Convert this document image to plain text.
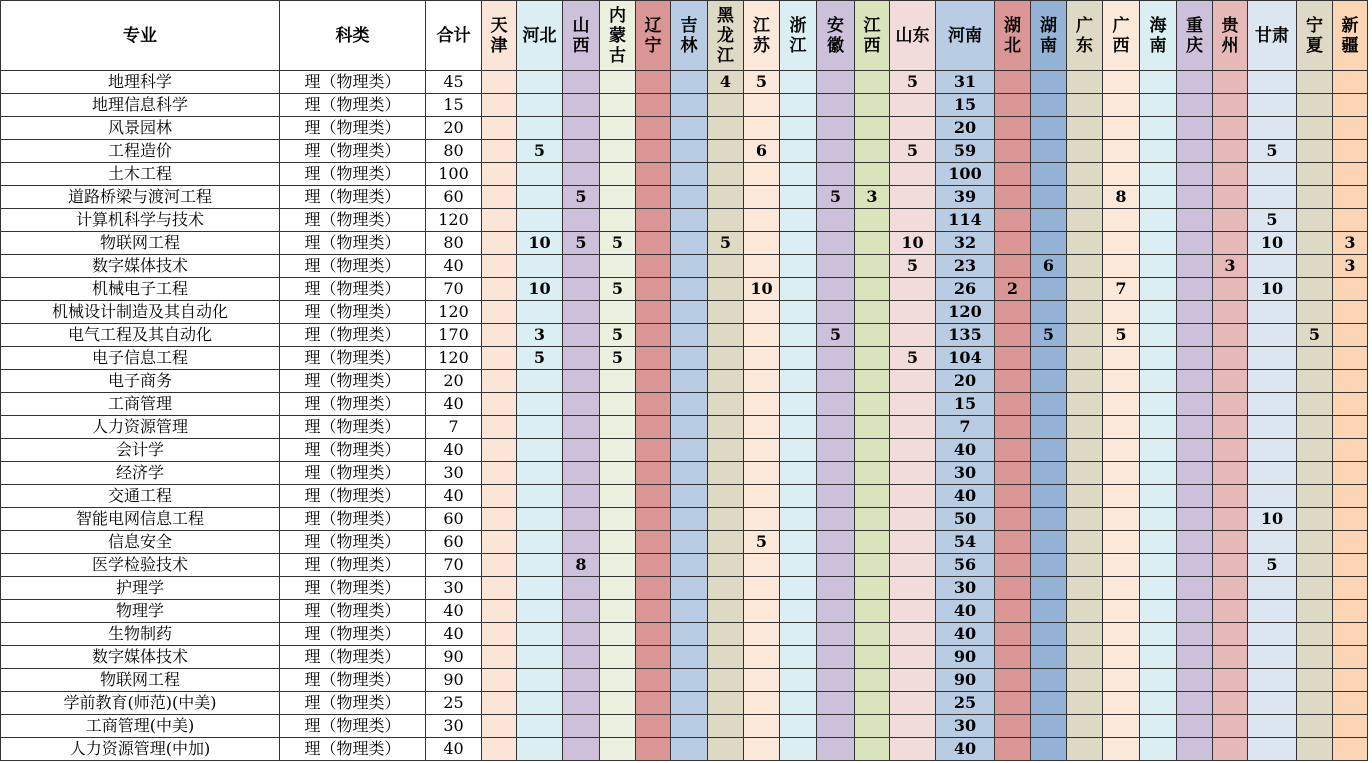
专业	科类	合计	天津	河北	山西	内蒙古	辽宁	吉林	黑龙江	江苏	浙江	安徽	江西	山东	河南	湖北	湖南	广东	广西	海南	重庆	贵州	甘肃	宁夏	新疆
地理科学	理（物理类）	45							4	5				5	31										
地理信息科学	理（物理类）	15													15										
风景园林	理（物理类）	20													20										
工程造价	理（物理类）	80		5						6				5	59								5		
土木工程	理（物理类）	100													100										
道路桥梁与渡河工程	理（物理类）	60			5							5	3		39				8						
计算机科学与技术	理（物理类）	120													114								5		
物联网工程	理（物理类）	80		10	5	5			5					10	32								10		3
数字媒体技术	理（物理类）	40												5	23		6					3			3
机械电子工程	理（物理类）	70		10		5				10					26	2			7				10		
机械设计制造及其自动化	理（物理类）	120													120										
电气工程及其自动化	理（物理类）	170		3		5						5			135		5		5					5	
电子信息工程	理（物理类）	120		5		5								5	104										
电子商务	理（物理类）	20													20										
工商管理	理（物理类）	40													15										
人力资源管理	理（物理类）	7													7										
会计学	理（物理类）	40													40										
经济学	理（物理类）	30													30										
交通工程	理（物理类）	40													40										
智能电网信息工程	理（物理类）	60													50								10		
信息安全	理（物理类）	60								5					54										
医学检验技术	理（物理类）	70			8										56								5		
护理学	理（物理类）	30													30										
物理学	理（物理类）	40													40										
生物制药	理（物理类）	40													40										
数字媒体技术	理（物理类）	90													90										
物联网工程	理（物理类）	90													90										
学前教育(师范)(中美)	理（物理类）	25													25										
工商管理(中美)	理（物理类）	30													30										
人力资源管理(中加)	理（物理类）	40													40										
